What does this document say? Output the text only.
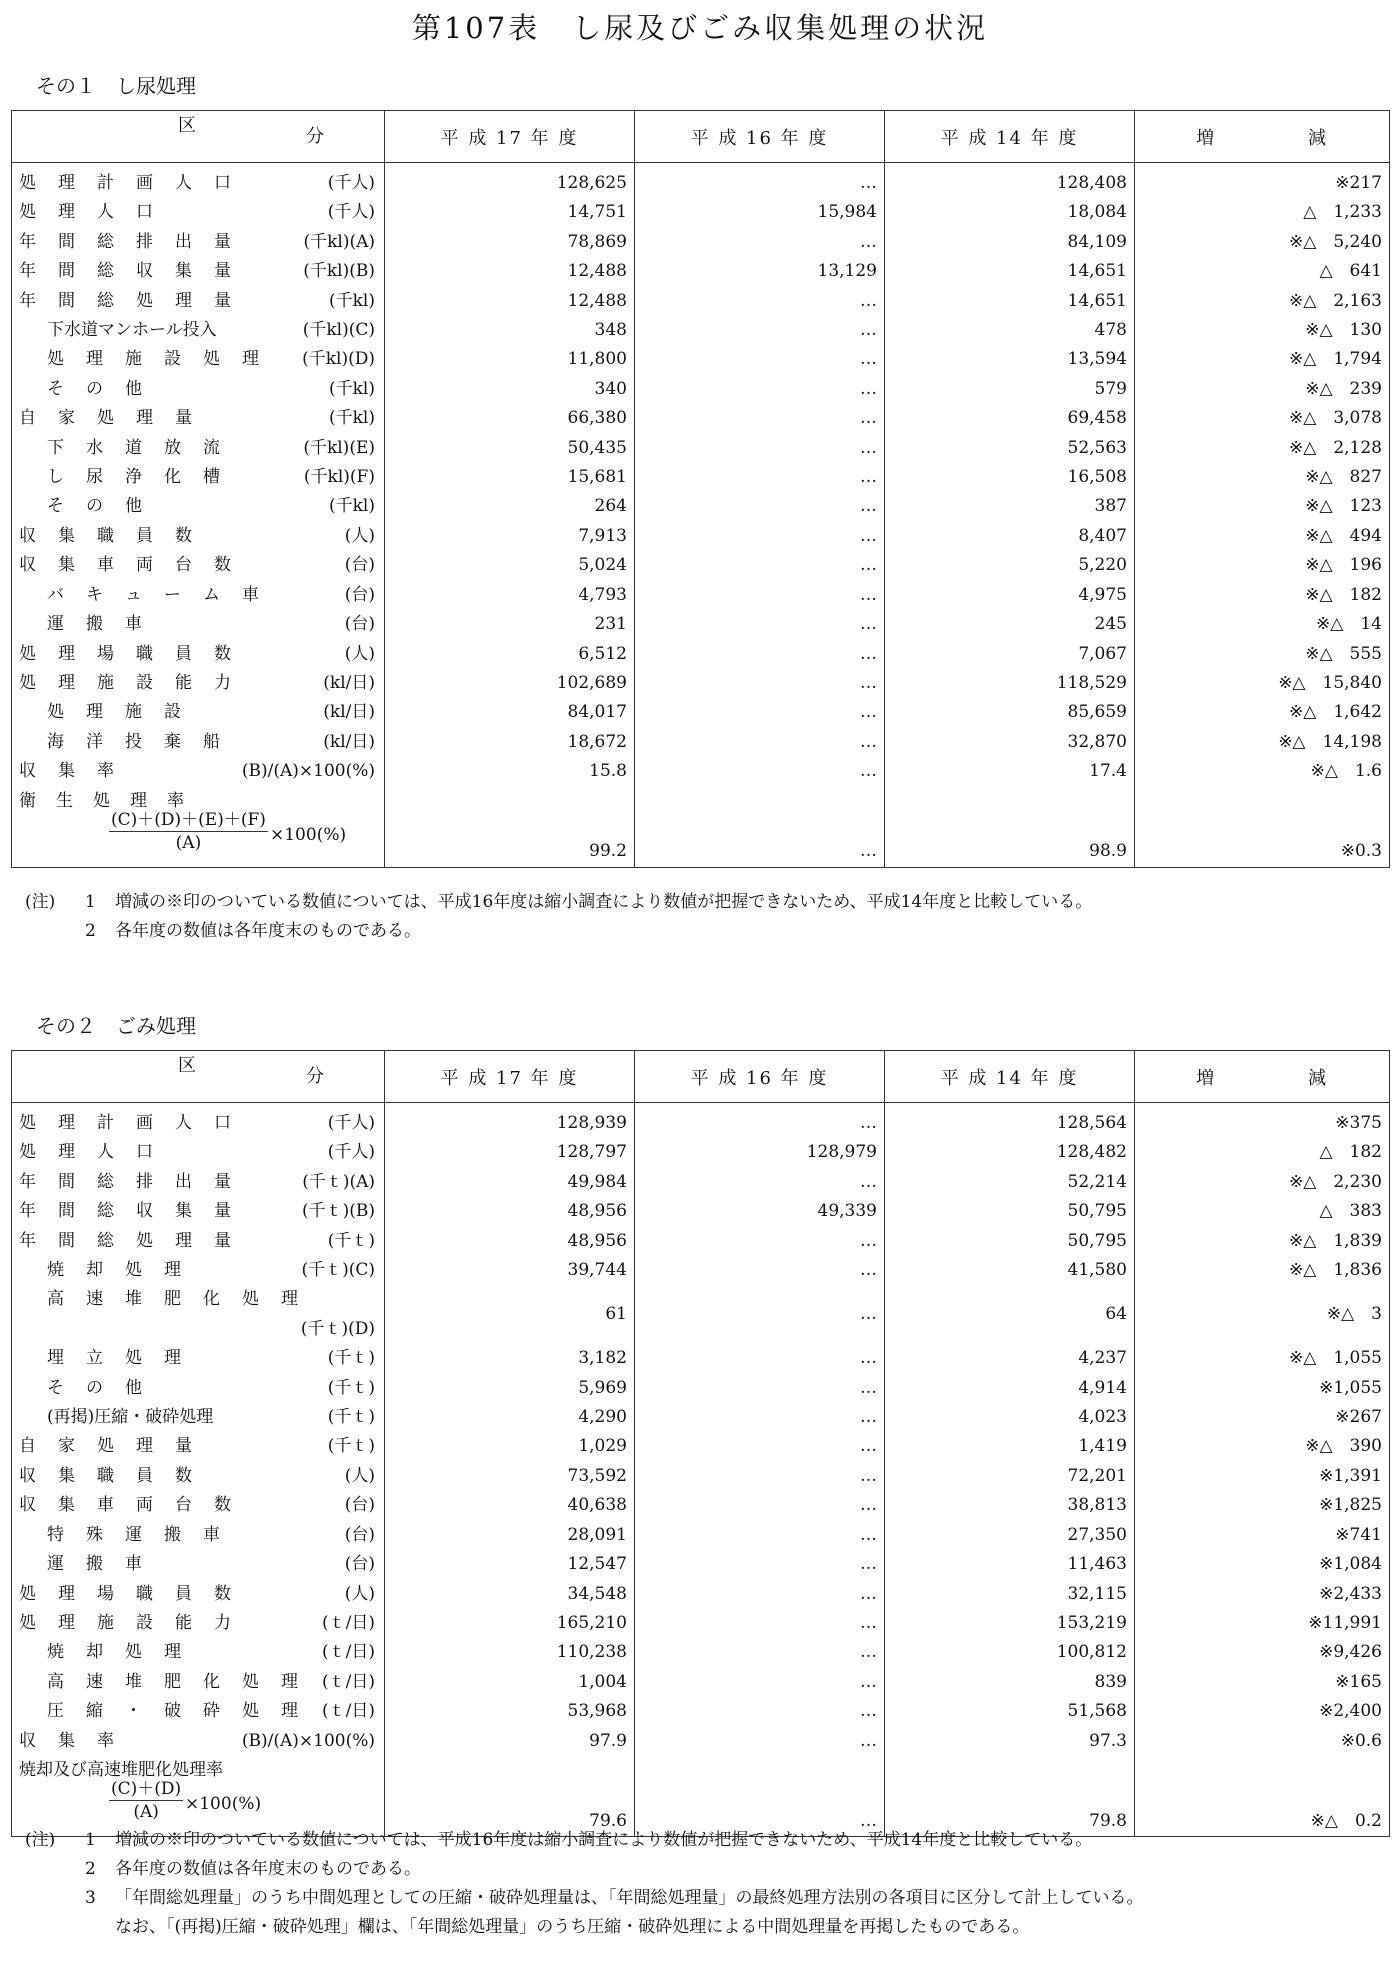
第107表　し尿及びごみ収集処理の状況
その１　し尿処理
区
分	平 成 17 年 度	平 成 16 年 度	平 成 14 年 度	増 減
処理計画人口 (千人)	128,625	…	128,408	※217
処理人口 (千人)	14,751	15,984	18,084	△　1,233
年間総排出量 (千kl)(A)	78,869	…	84,109	※△　5,240
年間総収集量 (千kl)(B)	12,488	13,129	14,651	△　641
年間総処理量 (千kl)	12,488	…	14,651	※△　2,163
下水道マンホール投入 (千kl)(C)	348	…	478	※△　130
処理施設処理 (千kl)(D)	11,800	…	13,594	※△　1,794
その他 (千kl)	340	…	579	※△　239
自家処理量 (千kl)	66,380	…	69,458	※△　3,078
下水道放流 (千kl)(E)	50,435	…	52,563	※△　2,128
し尿浄化槽 (千kl)(F)	15,681	…	16,508	※△　827
その他 (千kl)	264	…	387	※△　123
収集職員数 (人)	7,913	…	8,407	※△　494
収集車両台数 (台)	5,024	…	5,220	※△　196
バキューム車 (台)	4,793	…	4,975	※△　182
運搬車 (台)	231	…	245	※△　14
処理場職員数 (人)	6,512	…	7,067	※△　555
処理施設能力 (kl/日)	102,689	…	118,529	※△　15,840
処理施設 (kl/日)	84,017	…	85,659	※△　1,642
海洋投棄船 (kl/日)	18,672	…	32,870	※△　14,198
収集率 (B)/(A)×100(%)	15.8	…	17.4	※△　1.6

衛生処理率
$\frac{(C)+(D)+(E)+(F)}{(A)} \times 100(\%)$	99.2	…	98.9	※0.3
(注)	1	増減の※印のついている数値については、平成16年度は縮小調査により数値が把握できないため、平成14年度と比較している。
2	各年度の数値は各年度末のものである。
その２　ごみ処理
区
分	平 成 17 年 度	平 成 16 年 度	平 成 14 年 度	増 減
処理計画人口 (千人)	128,939	…	128,564	※375
処理人口 (千人)	128,797	128,979	128,482	△　182
年間総排出量 (千ｔ)(A)	49,984	…	52,214	※△　2,230
年間総収集量 (千ｔ)(B)	48,956	49,339	50,795	△　383
年間総処理量 (千ｔ)	48,956	…	50,795	※△　1,839
焼却処理 (千ｔ)(C)	39,744	…	41,580	※△　1,836
高速堆肥化処理
(千ｔ)(D)	61	…	64	※△　3
埋立処理 (千ｔ)	3,182	…	4,237	※△　1,055
その他 (千ｔ)	5,969	…	4,914	※1,055
(再掲)圧縮・破砕処理 (千ｔ)	4,290	…	4,023	※267
自家処理量 (千ｔ)	1,029	…	1,419	※△　390
収集職員数 (人)	73,592	…	72,201	※1,391
収集車両台数 (台)	40,638	…	38,813	※1,825
特殊運搬車 (台)	28,091	…	27,350	※741
運搬車 (台)	12,547	…	11,463	※1,084
処理場職員数 (人)	34,548	…	32,115	※2,433
処理施設能力 (ｔ/日)	165,210	…	153,219	※11,991
焼却処理 (ｔ/日)	110,238	…	100,812	※9,426
高速堆肥化処理 (ｔ/日)	1,004	…	839	※165
圧縮・破砕処理 (ｔ/日)	53,968	…	51,568	※2,400
収集率 (B)/(A)×100(%)	97.9	…	97.3	※0.6

焼却及び高速堆肥化処理率
$\frac{(C)+(D)}{(A)} \times 100(\%)$	79.6	…	79.8	※△　0.2
(注)	1	増減の※印のついている数値については、平成16年度は縮小調査により数値が把握できないため、平成14年度と比較している。
2	各年度の数値は各年度末のものである。
3	「年間総処理量」のうち中間処理としての圧縮・破砕処理量は、「年間総処理量」の最終処理方法別の各項目に区分して計上している。
なお、「(再掲)圧縮・破砕処理」欄は、「年間総処理量」のうち圧縮・破砕処理による中間処理量を再掲したものである。
